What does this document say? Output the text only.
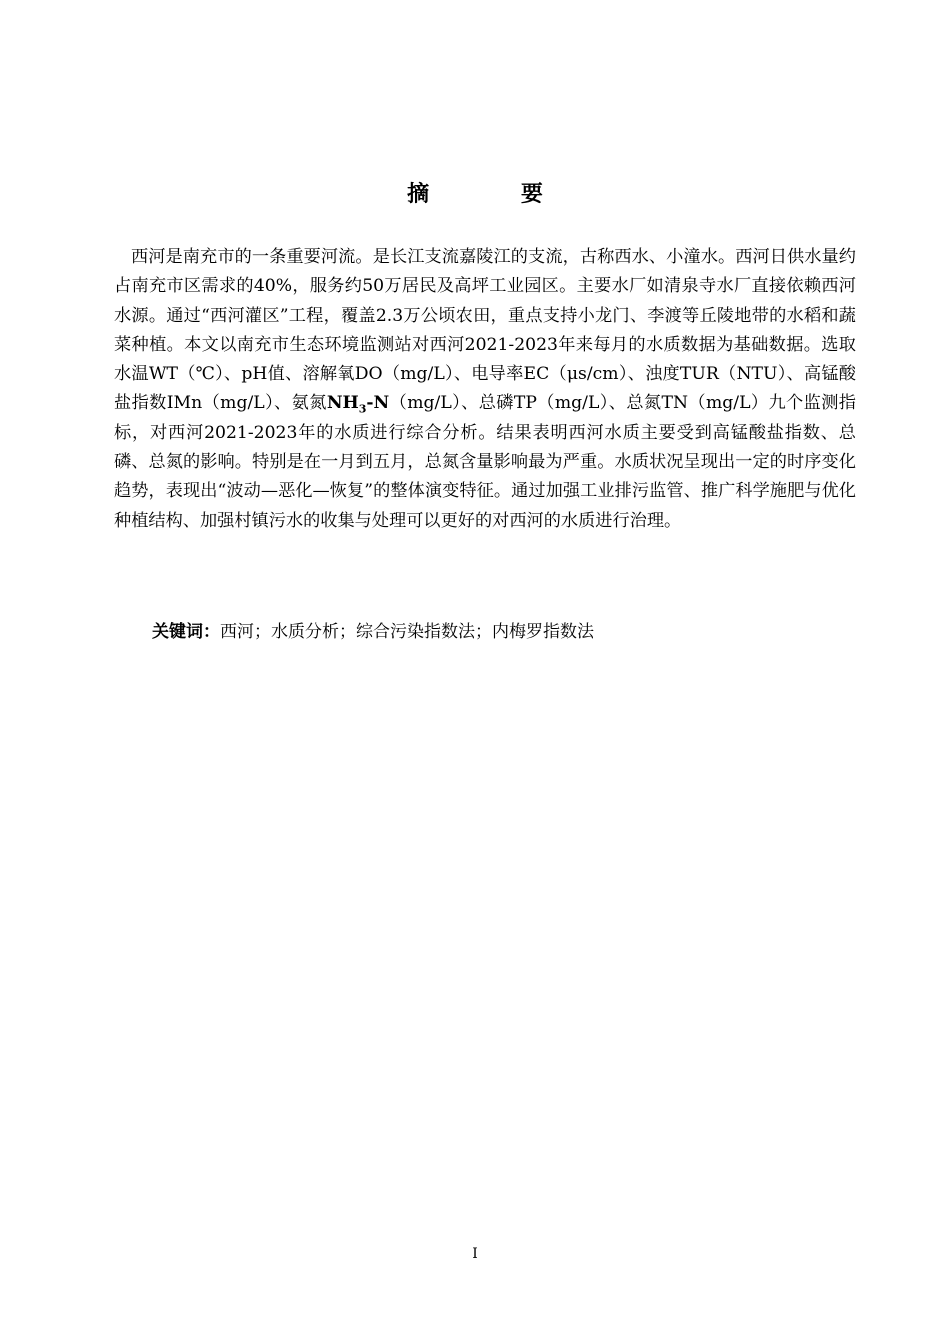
摘 要

西河是南充市的一条重要河流。是长江支流嘉陵江的支流，古称西水、小潼水。西河日供水量约占南充市区需求的40%，服务约50万居民及高坪工业园区。主要水厂如清泉寺水厂直接依赖西河水源。通过“西河灌区”工程，覆盖2.3万公顷农田，重点支持小龙门、李渡等丘陵地带的水稻和蔬菜种植。本文以南充市生态环境监测站对西河2021-2023年来每月的水质数据为基础数据。选取水温WT（℃）、pH值、溶解氧DO（mg/L）、电导率EC（μs/cm）、浊度TUR（NTU）、高锰酸盐指数IMn（mg/L）、氨氮$NH_3-N(mg/L)$、总磷TP（mg/L）、总氮TN（mg/L）九个监测指标，对西河2021-2023年的水质进行综合分析。结果表明西河水质主要受到高锰酸盐指数、总磷、总氮的影响。特别是在一月到五月，总氮含量影响最为严重。水质状况呈现出一定的时序变化趋势，表现出“波动—恶化—恢复”的整体演变特征。通过加强工业排污监管、推广科学施肥与优化种植结构、加强村镇污水的收集与处理可以更好的对西河的水质进行治理。

关键词：西河；水质分析；综合污染指数法；内梅罗指数法
I
